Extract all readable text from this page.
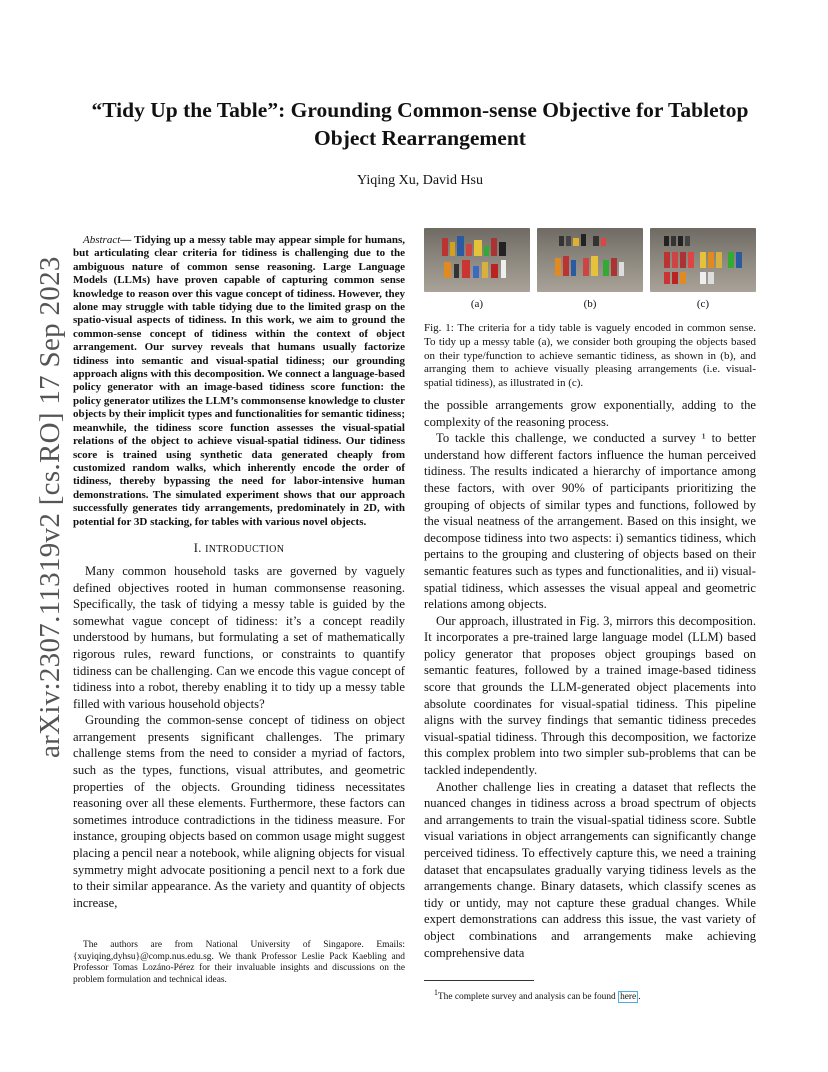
arXiv:2307.11319v2 [cs.RO] 17 Sep 2023
“Tidy Up the Table”: Grounding Common-sense Objective for Tabletop
Object Rearrangement
Yiqing Xu, David Hsu

Abstract— Tidying up a messy table may appear simple for humans, but articulating clear criteria for tidiness is challenging due to the ambiguous nature of common sense reasoning. Large Language Models (LLMs) have proven capable of capturing common sense knowledge to reason over this vague concept of tidiness. However, they alone may struggle with table tidying due to the limited grasp on the spatio-visual aspects of tidiness. In this work, we aim to ground the common-sense concept of tidiness within the context of object arrangement. Our survey reveals that humans usually factorize tidiness into semantic and visual-spatial tidiness; our grounding approach aligns with this decomposition. We connect a language-based policy generator with an image-based tidiness score function: the policy generator utilizes the LLM’s commonsense knowledge to cluster objects by their implicit types and functionalities for semantic tidiness; meanwhile, the tidiness score function assesses the visual-spatial relations of the object to achieve visual-spatial tidiness. Our tidiness score is trained using synthetic data generated cheaply from customized random walks, which inherently encode the order of tidiness, thereby bypassing the need for labor-intensive human demonstrations. The simulated experiment shows that our approach successfully generates tidy arrangements, predominately in 2D, with potential for 3D stacking, for tables with various novel objects.

I. INTRODUCTION

Many common household tasks are governed by vaguely defined objectives rooted in human commonsense reasoning. Specifically, the task of tidying a messy table is guided by the somewhat vague concept of tidiness: it’s a concept readily understood by humans, but formulating a set of mathematically rigorous rules, reward functions, or constraints to quantify tidiness can be challenging. Can we encode this vague concept of tidiness into a robot, thereby enabling it to tidy up a messy table filled with various household objects?

Grounding the common-sense concept of tidiness on object arrangement presents significant challenges. The primary challenge stems from the need to consider a myriad of factors, such as the types, functions, visual attributes, and geometric properties of the objects. Grounding tidiness necessitates reasoning over all these elements. Furthermore, these factors can sometimes introduce contradictions in the tidiness measure. For instance, grouping objects based on common usage might suggest placing a pencil near a notebook, while aligning objects for visual symmetry might advocate positioning a pencil next to a fork due to their similar appearance. As the variety and quantity of objects increase,

The authors are from National University of Singapore. Emails: {xuyiqing,dyhsu}@comp.nus.edu.sg. We thank Professor Leslie Pack Kaebling and Professor Tomas Lozáno-Pérez for their invaluable insights and discussions on the problem formulation and technical ideas.

(a)	(b)	(c)

Fig. 1: The criteria for a tidy table is vaguely encoded in common sense. To tidy up a messy table (a), we consider both grouping the objects based on their type/function to achieve semantic tidiness, as shown in (b), and arranging them to achieve visually pleasing arrangements (i.e. visual-spatial tidiness), as illustrated in (c).

the possible arrangements grow exponentially, adding to the complexity of the reasoning process.

To tackle this challenge, we conducted a survey ¹ to better understand how different factors influence the human perceived tidiness. The results indicated a hierarchy of importance among these factors, with over 90% of participants prioritizing the grouping of objects of similar types and functions, followed by the visual neatness of the arrangement. Based on this insight, we decompose tidiness into two aspects: i) semantics tidiness, which pertains to the grouping and clustering of objects based on their semantic features such as types and functionalities, and ii) visual-spatial tidiness, which assesses the visual appeal and geometric relations among objects.

Our approach, illustrated in Fig. 3, mirrors this decomposition. It incorporates a pre-trained large language model (LLM) based policy generator that proposes object groupings based on semantic features, followed by a trained image-based tidiness score that grounds the LLM-generated object placements into absolute coordinates for visual-spatial tidiness. This pipeline aligns with the survey findings that semantic tidiness precedes visual-spatial tidiness. Through this decomposition, we factorize this complex problem into two simpler sub-problems that can be tackled independently.

Another challenge lies in creating a dataset that reflects the nuanced changes in tidiness across a broad spectrum of objects and arrangements to train the visual-spatial tidiness score. Subtle visual variations in object arrangements can significantly change perceived tidiness. To effectively capture this, we need a training dataset that encapsulates gradually varying tidiness levels as the arrangements change. Binary datasets, which classify scenes as tidy or untidy, may not capture these gradual changes. While expert demonstrations can address this issue, the vast variety of object combinations and arrangements make achieving comprehensive data

$^1$The complete survey and analysis can be found here .
